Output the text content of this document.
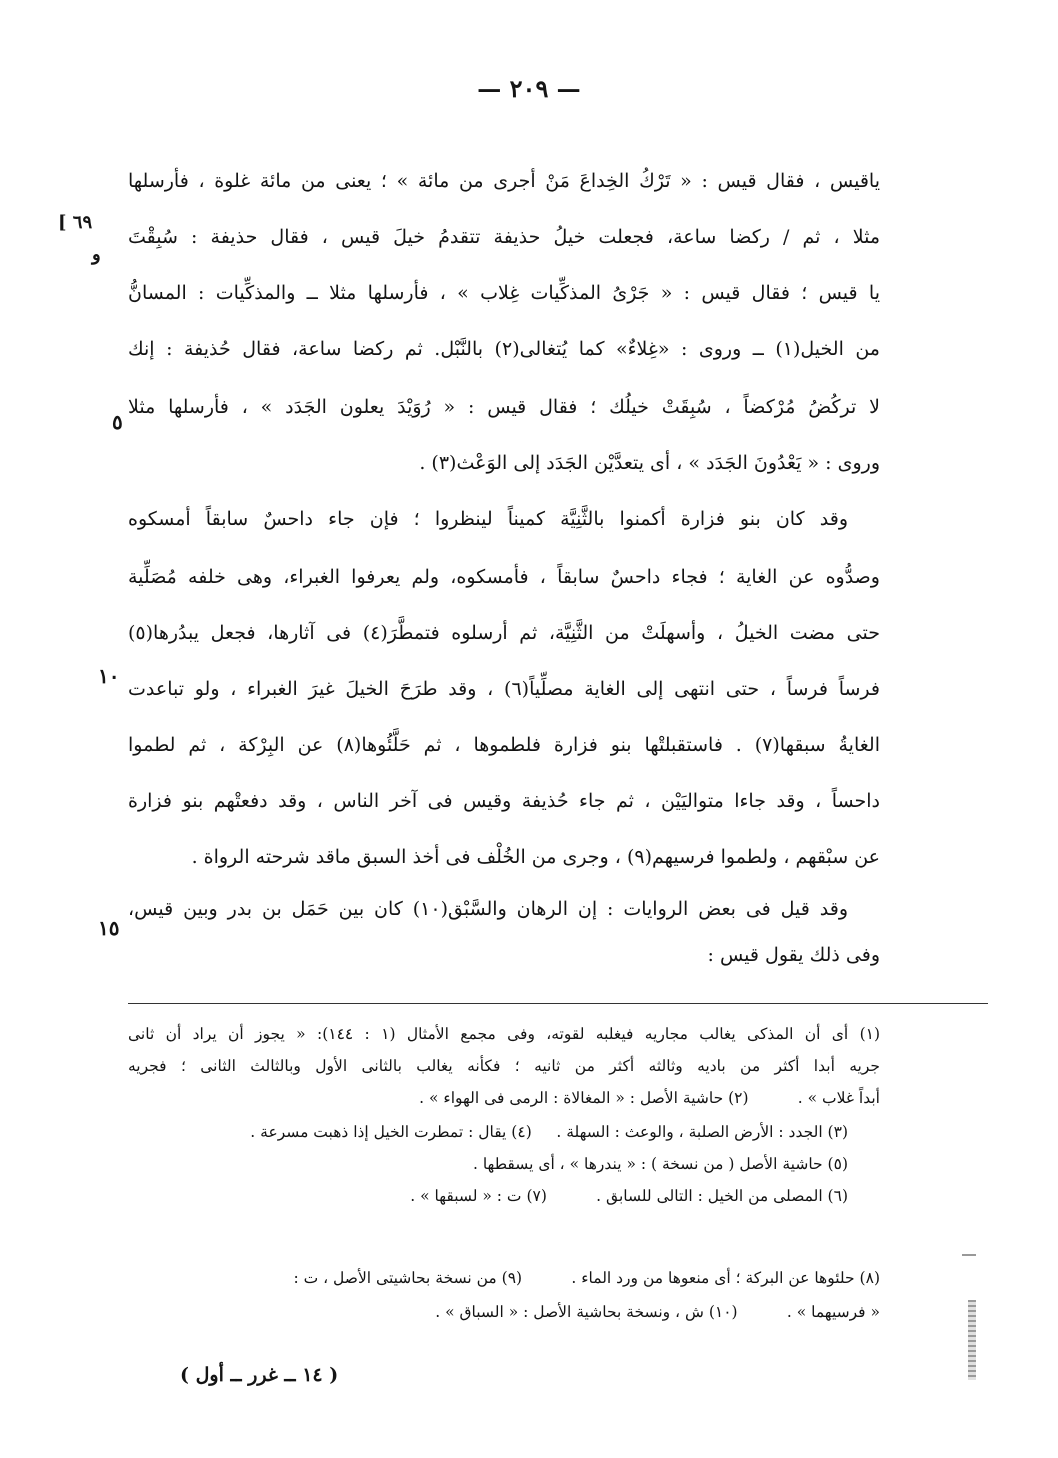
— ٢٠٩ —
[ ٦٩
و
ياقيس ، فقال قيس : « تَرْكُ الخِداعَ مَنْ أجرى من مائة » ؛ يعنى من مائة غلوة ، فأرسلها
مثلا ، ثم / ركضا ساعة، فجعلت خيلُ حذيفة تتقدمُ خيلَ قيس ، فقال حذيفة : سُبِقْتَ
يا قيس ؛ فقال قيس : « جَرْىُ المذكِّيات غِلاب » ، فأرسلها مثلا ــ والمذكِّيات : المسانُّ
من الخيل(١) ــ وروى : «غِلاءٌ» كما يُتغالى(٢) بالنَّبْل. ثم ركضا ساعة، فقال حُذيفة : إنك
لا تركُضُ مُرْكضاً ، سُبِقَتْ خيلُك ؛ فقال قيس : « رُوَيْدَ يعلون الجَدَد » ، فأرسلها مثلا
وروى : « يَعْدُونَ الجَدَد » ، أى يتعدَّيْن الجَدَد إلى الوَعْث(٣) .
وقد كان بنو فزارة أكمنوا بالثَّنِيَّة كميناً لينظروا ؛ فإن جاء داحسٌ سابقاً أمسكوه
وصدُّوه عن الغاية ؛ فجاء داحسٌ سابقاً ، فأمسكوه، ولم يعرفوا الغبراء، وهى خلفه مُصَلِّية
حتى مضت الخيلُ ، وأسهلَتْ من الثَّنِيَّة، ثم أرسلوه فتمطَّرَ(٤) فى آثارها، فجعل يبدُرها(٥)
فرساً فرساً ، حتى انتهى إلى الغاية مصلِّياً(٦) ، وقد طرَحَ الخيلَ غيرَ الغبراء ، ولو تباعدت
الغايةُ سبقها(٧) . فاستقبلتْها بنو فزارة فلطموها ، ثم حَلَّئُوها(٨) عن البِرْكة ، ثم لطموا
داحساً ، وقد جاءا متواليَيْن ، ثم جاء حُذيفة وقيس فى آخر الناس ، وقد دفعتْهم بنو فزارة
عن سبْقهم ، ولطموا فرسيهم(٩) ، وجرى من الخُلْف فى أخذ السبق ماقد شرحته الرواة .
وقد قيل فى بعض الروايات : إن الرهان والسَّبْق(١٠) كان بين حَمَل بن بدر وبين قيس،
وفى ذلك يقول قيس :
٥
١٠
١٥
(١) أى أن المذكى يغالب مجاريه فيغلبه لقوته، وفى مجمع الأمثال (١ : ١٤٤): « يجوز أن يراد أن ثانى
جريه أبدا أكثر من باديه وثالثه أكثر من ثانيه ؛ فكأنه يغالب بالثانى الأول وبالثالث الثانى ؛ فجريه
أبداً غلاب » .          (٢) حاشية الأصل : « المغالاة : الرمى فى الهواء » .
(٣) الجدد : الأرض الصلبة ، والوعث : السهلة .     (٤) يقال : تمطرت الخيل إذا ذهبت مسرعة .
(٥) حاشية الأصل ( من نسخة ) : « يندرها » ، أى يسقطها .
(٦) المصلى من الخيل : التالى للسابق .          (٧) ت : « لسبقها » .
(٨) حلئوها عن البركة ؛ أى منعوها من ورد الماء .          (٩) من نسخة بحاشيتى الأصل ، ت :
« فرسيهما » .          (١٠) ش ، ونسخة بحاشية الأصل : « السباق » .
( ١٤ ــ غرر ــ أول )
